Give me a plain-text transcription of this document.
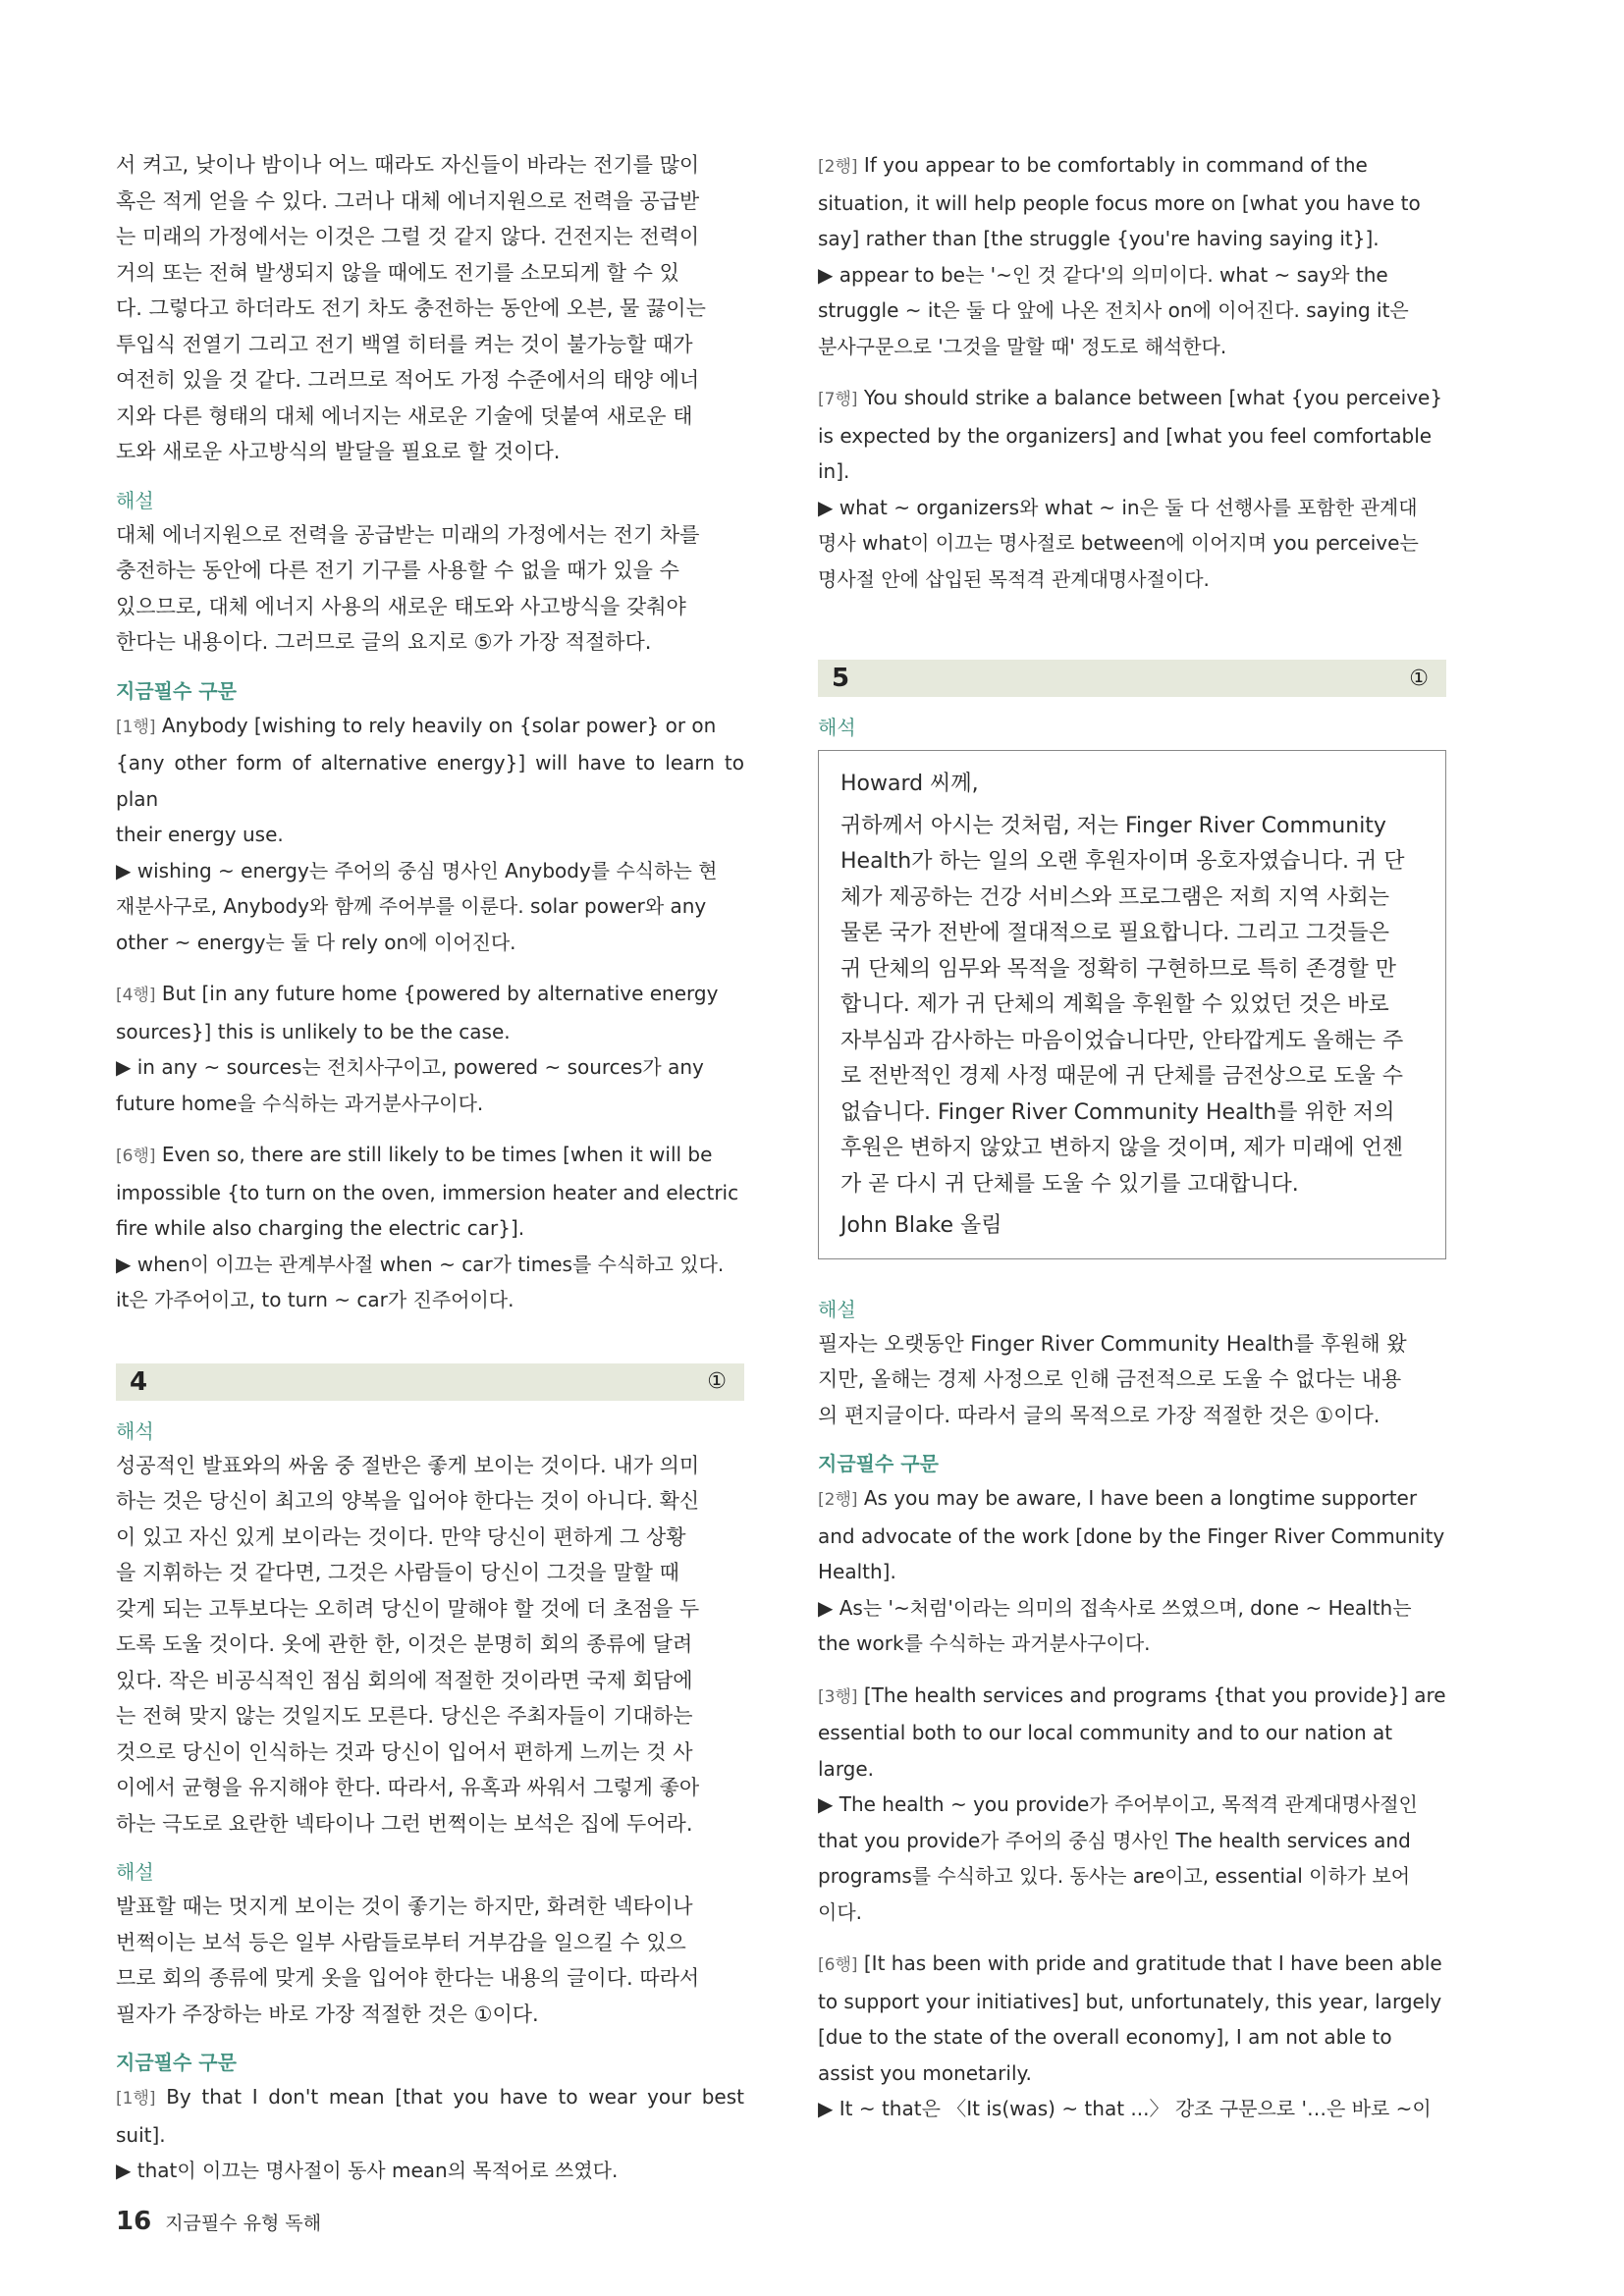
서 켜고, 낮이나 밤이나 어느 때라도 자신들이 바라는 전기를 많이

혹은 적게 얻을 수 있다. 그러나 대체 에너지원으로 전력을 공급받

는 미래의 가정에서는 이것은 그럴 것 같지 않다. 건전지는 전력이

거의 또는 전혀 발생되지 않을 때에도 전기를 소모되게 할 수 있

다. 그렇다고 하더라도 전기 차도 충전하는 동안에 오븐, 물 끓이는

투입식 전열기 그리고 전기 백열 히터를 켜는 것이 불가능할 때가

여전히 있을 것 같다. 그러므로 적어도 가정 수준에서의 태양 에너

지와 다른 형태의 대체 에너지는 새로운 기술에 덧붙여 새로운 태

도와 새로운 사고방식의 발달을 필요로 할 것이다.

해설

대체 에너지원으로 전력을 공급받는 미래의 가정에서는 전기 차를

충전하는 동안에 다른 전기 기구를 사용할 수 없을 때가 있을 수

있으므로, 대체 에너지 사용의 새로운 태도와 사고방식을 갖춰야

한다는 내용이다. 그러므로 글의 요지로 ⑤가 가장 적절하다.

지금필수 구문

[1행] Anybody [wishing to rely heavily on {solar power} or on

{any other form of alternative energy}] will have to learn to plan

their energy use.

▶ wishing ~ energy는 주어의 중심 명사인 Anybody를 수식하는 현

재분사구로, Anybody와 함께 주어부를 이룬다. solar power와 any

other ~ energy는 둘 다 rely on에 이어진다.

[4행] But [in any future home {powered by alternative energy

sources}] this is unlikely to be the case.

▶ in any ~ sources는 전치사구이고, powered ~ sources가 any

future home을 수식하는 과거분사구이다.

[6행] Even so, there are still likely to be times [when it will be

impossible {to turn on the oven, immersion heater and electric

fire while also charging the electric car}].

▶ when이 이끄는 관계부사절 when ~ car가 times를 수식하고 있다.

it은 가주어이고, to turn ~ car가 진주어이다.

4	①
해석

성공적인 발표와의 싸움 중 절반은 좋게 보이는 것이다. 내가 의미

하는 것은 당신이 최고의 양복을 입어야 한다는 것이 아니다. 확신

이 있고 자신 있게 보이라는 것이다. 만약 당신이 편하게 그 상황

을 지휘하는 것 같다면, 그것은 사람들이 당신이 그것을 말할 때

갖게 되는 고투보다는 오히려 당신이 말해야 할 것에 더 초점을 두

도록 도울 것이다. 옷에 관한 한, 이것은 분명히 회의 종류에 달려

있다. 작은 비공식적인 점심 회의에 적절한 것이라면 국제 회담에

는 전혀 맞지 않는 것일지도 모른다. 당신은 주최자들이 기대하는

것으로 당신이 인식하는 것과 당신이 입어서 편하게 느끼는 것 사

이에서 균형을 유지해야 한다. 따라서, 유혹과 싸워서 그렇게 좋아

하는 극도로 요란한 넥타이나 그런 번쩍이는 보석은 집에 두어라.

해설

발표할 때는 멋지게 보이는 것이 좋기는 하지만, 화려한 넥타이나

번쩍이는 보석 등은 일부 사람들로부터 거부감을 일으킬 수 있으

므로 회의 종류에 맞게 옷을 입어야 한다는 내용의 글이다. 따라서

필자가 주장하는 바로 가장 적절한 것은 ①이다.

지금필수 구문

[1행] By that I don't mean [that you have to wear your best suit].

▶ that이 이끄는 명사절이 동사 mean의 목적어로 쓰였다.

[2행] If you appear to be comfortably in command of the

situation, it will help people focus more on [what you have to

say] rather than [the struggle {you're having saying it}].

▶ appear to be는 '~인 것 같다'의 의미이다. what ~ say와 the

struggle ~ it은 둘 다 앞에 나온 전치사 on에 이어진다. saying it은

분사구문으로 '그것을 말할 때' 정도로 해석한다.

[7행] You should strike a balance between [what {you perceive}

is expected by the organizers] and [what you feel comfortable

in].

▶ what ~ organizers와 what ~ in은 둘 다 선행사를 포함한 관계대

명사 what이 이끄는 명사절로 between에 이어지며 you perceive는

명사절 안에 삽입된 목적격 관계대명사절이다.

5	①
해석

Howard 씨께,

귀하께서 아시는 것처럼, 저는 Finger River Community

Health가 하는 일의 오랜 후원자이며 옹호자였습니다. 귀 단

체가 제공하는 건강 서비스와 프로그램은 저희 지역 사회는

물론 국가 전반에 절대적으로 필요합니다. 그리고 그것들은

귀 단체의 임무와 목적을 정확히 구현하므로 특히 존경할 만

합니다. 제가 귀 단체의 계획을 후원할 수 있었던 것은 바로

자부심과 감사하는 마음이었습니다만, 안타깝게도 올해는 주

로 전반적인 경제 사정 때문에 귀 단체를 금전상으로 도울 수

없습니다. Finger River Community Health를 위한 저의

후원은 변하지 않았고 변하지 않을 것이며, 제가 미래에 언젠

가 곧 다시 귀 단체를 도울 수 있기를 고대합니다.

John Blake 올림

해설

필자는 오랫동안 Finger River Community Health를 후원해 왔

지만, 올해는 경제 사정으로 인해 금전적으로 도울 수 없다는 내용

의 편지글이다. 따라서 글의 목적으로 가장 적절한 것은 ①이다.

지금필수 구문

[2행] As you may be aware, I have been a longtime supporter

and advocate of the work [done by the Finger River Community

Health].

▶ As는 '~처럼'이라는 의미의 접속사로 쓰였으며, done ~ Health는

the work를 수식하는 과거분사구이다.

[3행] [The health services and programs {that you provide}] are

essential both to our local community and to our nation at

large.

▶ The health ~ you provide가 주어부이고, 목적격 관계대명사절인

that you provide가 주어의 중심 명사인 The health services and

programs를 수식하고 있다. 동사는 are이고, essential 이하가 보어

이다.

[6행] [It has been with pride and gratitude that I have been able

to support your initiatives] but, unfortunately, this year, largely

[due to the state of the overall economy], I am not able to

assist you monetarily.

▶ It ~ that은 〈It is(was) ~ that ...〉 강조 구문으로 '…은 바로 ~이

16 지금필수 유형 독해
